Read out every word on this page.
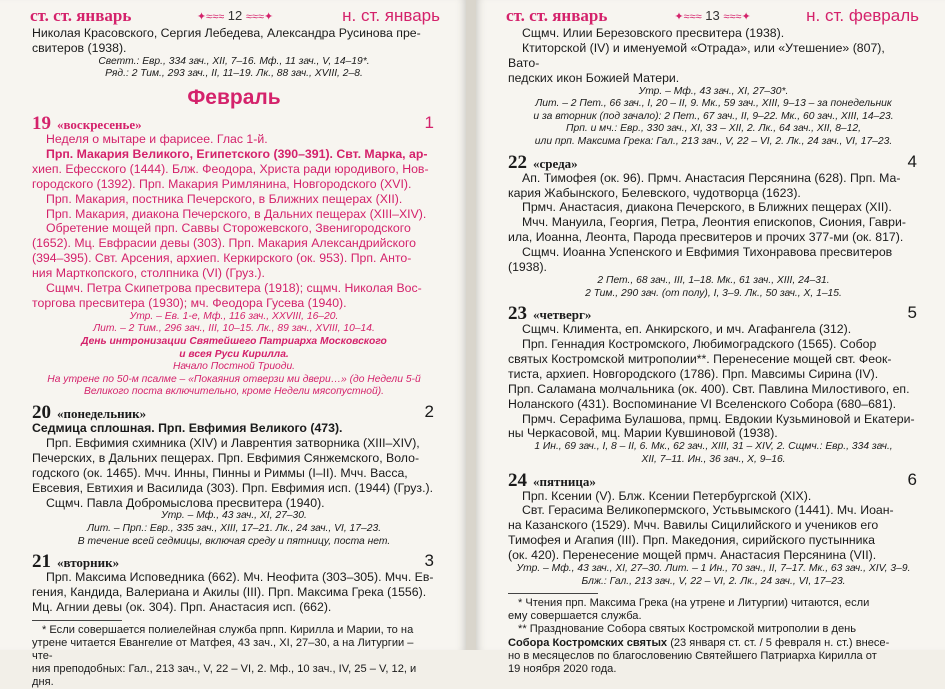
ст. ст. январь	✦≈≈≈ 12 ≈≈≈✦	н. ст. январь

Николая Красовского, Сергия Лебедева, Александра Русинова пре-

свитеров (1938).

Светт.: Евр., 334 зач., XII, 7–16. Мф., 11 зач., V, 14–19*.

Ряд.: 2 Тим., 293 зач., II, 11–19. Лк., 88 зач., XVIII, 2–8.

Февраль
19 «воскресенье»	1

Неделя о мытаре и фарисее. Глас 1-й.

Прп. Макария Великого, Египетского (390–391). Свт. Марка, ар-

хиеп. Ефесского (1444). Блж. Феодора, Христа ради юродивого, Нов-

городского (1392). Прп. Макария Римлянина, Новгородского (XVI).

Прп. Макария, постника Печерского, в Ближних пещерах (XII).

Прп. Макария, диакона Печерского, в Дальних пещерах (XIII–XIV).

Обретение мощей прп. Саввы Сторожевского, Звенигородского

(1652). Мц. Евфрасии девы (303). Прп. Макария Александрийского

(394–395). Свт. Арсения, архиеп. Керкирского (ок. 953). Прп. Анто-

ния Марткопского, столпника (VI) (Груз.).

Сщмч. Петра Скипетрова пресвитера (1918); сщмч. Николая Вос-

торгова пресвитера (1930); мч. Феодора Гусева (1940).

Утр. – Ев. 1-е, Мф., 116 зач., XXVIII, 16–20.

Лит. – 2 Тим., 296 зач., III, 10–15. Лк., 89 зач., XVIII, 10–14.

День интронизации Святейшего Патриарха Московского

и всея Руси Кирилла.

Начало Постной Триоди.

На утрене по 50-м псалме – «Покаяния отверзи ми двери…» (до Недели 5-й

Великого поста включительно, кроме Недели мясопустной).

20 «понедельник»	2

Седмица сплошная. Прп. Евфимия Великого (473).

Прп. Евфимия схимника (XIV) и Лаврентия затворника (XIII–XIV),

Печерских, в Дальних пещерах. Прп. Евфимия Сянжемского, Воло-

годского (ок. 1465). Мчч. Инны, Пинны и Риммы (I–II). Мчч. Васса,

Евсевия, Евтихия и Василида (303). Прп. Евфимия исп. (1944) (Груз.).

Сщмч. Павла Добромыслова пресвитера (1940).

Утр. – Мф., 43 зач., XI, 27–30.

Лит. – Прп.: Евр., 335 зач., XIII, 17–21. Лк., 24 зач., VI, 17–23.

В течение всей седмицы, включая среду и пятницу, поста нет.

21 «вторник»	3

Прп. Максима Исповедника (662). Мч. Неофита (303–305). Мчч. Ев-

гения, Кандида, Валериана и Акилы (III). Прп. Максима Грека (1556).

Мц. Агнии девы (ок. 304). Прп. Анастасия исп. (662).

* Если совершается полиелейная служба прпп. Кирилла и Марии, то на

утрене читается Евангелие от Матфея, 43 зач., XI, 27–30, а на Литургии – чте-

ния преподобных: Гал., 213 зач., V, 22 – VI, 2. Мф., 10 зач., IV, 25 – V, 12, и дня.

ст. ст. январь	✦≈≈≈ 13 ≈≈≈✦	н. ст. февраль

Сщмч. Илии Березовского пресвитера (1938).

Ктиторской (IV) и именуемой «Отрада», или «Утешение» (807), Ватo-

педских икон Божией Матери.

Утр. – Мф., 43 зач., XI, 27–30*.

Лит. – 2 Пет., 66 зач., I, 20 – II, 9. Мк., 59 зач., XIII, 9–13 – за понедельник

и за вторник (под зачало): 2 Пет., 67 зач., II, 9–22. Мк., 60 зач., XIII, 14–23.

Прп. и мч.: Евр., 330 зач., XI, 33 – XII, 2. Лк., 64 зач., XII, 8–12,

или прп. Максима Грека: Гал., 213 зач., V, 22 – VI, 2. Лк., 24 зач., VI, 17–23.

22 «среда»	4

Ап. Тимофея (ок. 96). Прмч. Анастасия Персянина (628). Прп. Ма-

кария Жабынского, Белевского, чудотворца (1623).

Прмч. Анастасия, диакона Печерского, в Ближних пещерах (XII).

Мчч. Мануила, Георгия, Петра, Леонтия епископов, Сиония, Гаври-

ила, Иоанна, Леонта, Парода пресвитеров и прочих 377-ми (ок. 817).

Сщмч. Иоанна Успенского и Евфимия Тихонравова пресвитеров

(1938).

2 Пет., 68 зач., III, 1–18. Мк., 61 зач., XIII, 24–31.

2 Тим., 290 зач. (от полу), I, 3–9. Лк., 50 зач., X, 1–15.

23 «четверг»	5

Сщмч. Климента, еп. Анкирского, и мч. Агафангела (312).

Прп. Геннадия Костромского, Любимоградского (1565). Собор

святых Костромской митрополии**. Перенесение мощей свт. Феок-

тиста, архиеп. Новгородского (1786). Прп. Мавсимы Сирина (IV).

Прп. Саламана молчальника (ок. 400). Свт. Павлина Милостивого, еп.

Ноланского (431). Воспоминание VI Вселенского Собора (680–681).

Прмч. Серафима Булашова, прмц. Евдокии Кузьминовой и Екатери-

ны Черкасовой, мц. Марии Кувшиновой (1938).

1 Ин., 69 зач., I, 8 – II, 6. Мк., 62 зач., XIII, 31 – XIV, 2. Сщмч.: Евр., 334 зач.,

XII, 7–11. Ин., 36 зач., X, 9–16.

24 «пятница»	6

Прп. Ксении (V). Блж. Ксении Петербургской (XIX).

Свт. Герасима Великопермского, Устьвымского (1441). Мч. Иоан-

на Казанского (1529). Мчч. Вавилы Сицилийского и учеников его

Тимофея и Агапия (III). Прп. Македония, сирийского пустынника

(ок. 420). Перенесение мощей прмч. Анастасия Персянина (VII).

Утр. – Мф., 43 зач., XI, 27–30. Лит. – 1 Ин., 70 зач., II, 7–17. Мк., 63 зач., XIV, 3–9.

Блж.: Гал., 213 зач., V, 22 – VI, 2. Лк., 24 зач., VI, 17–23.

* Чтения прп. Максима Грека (на утрене и Литургии) читаются, если

ему совершается служба.

** Празднование Собора святых Костромской митрополии в день

Собора Костромских святых (23 января ст. ст. / 5 февраля н. ст.) внесе-

но в месяцеслов по благословению Святейшего Патриарха Кирилла от

19 ноября 2020 года.
